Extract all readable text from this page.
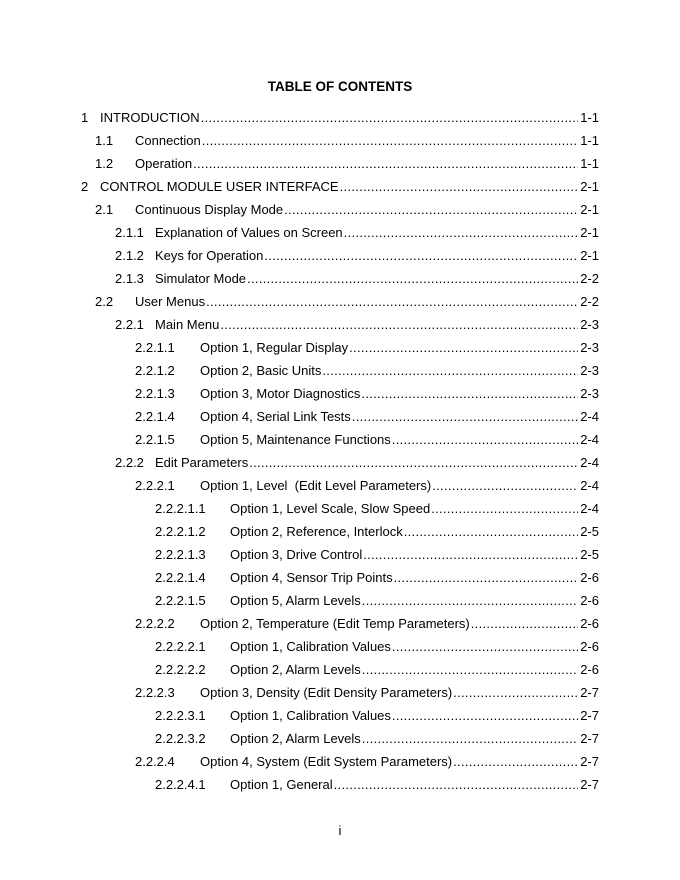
TABLE OF CONTENTS
1 INTRODUCTION .....	1-1
1.1	Connection .....	1-1
1.2	Operation .....	1-1
2 CONTROL MODULE USER INTERFACE .....	2-1
2.1	Continuous Display Mode .....	2-1
2.1.1 Explanation of Values on Screen .....	2-1
2.1.2 Keys for Operation .....	2-1
2.1.3 Simulator Mode .....	2-2
2.2	User Menus .....	2-2
2.2.1 Main Menu .....	2-3
2.2.1.1	Option 1, Regular Display .....	2-3
2.2.1.2	Option 2, Basic Units .....	2-3
2.2.1.3	Option 3, Motor Diagnostics .....	2-3
2.2.1.4	Option 4, Serial Link Tests .....	2-4
2.2.1.5	Option 5, Maintenance Functions .....	2-4
2.2.2 Edit Parameters .....	2-4
2.2.2.1	Option 1, Level  (Edit Level Parameters) .....	2-4
2.2.2.1.1	Option 1, Level Scale, Slow Speed .....	2-4
2.2.2.1.2	Option 2, Reference, Interlock .....	2-5
2.2.2.1.3	Option 3, Drive Control .....	2-5
2.2.2.1.4	Option 4, Sensor Trip Points .....	2-6
2.2.2.1.5	Option 5, Alarm Levels .....	2-6
2.2.2.2	Option 2, Temperature (Edit Temp Parameters) .....	2-6
2.2.2.2.1	Option 1, Calibration Values .....	2-6
2.2.2.2.2	Option 2, Alarm Levels .....	2-6
2.2.2.3	Option 3, Density (Edit Density Parameters) .....	2-7
2.2.2.3.1	Option 1, Calibration Values .....	2-7
2.2.2.3.2	Option 2, Alarm Levels .....	2-7
2.2.2.4	Option 4, System (Edit System Parameters) .....	2-7
2.2.2.4.1	Option 1, General .....	2-7
i
